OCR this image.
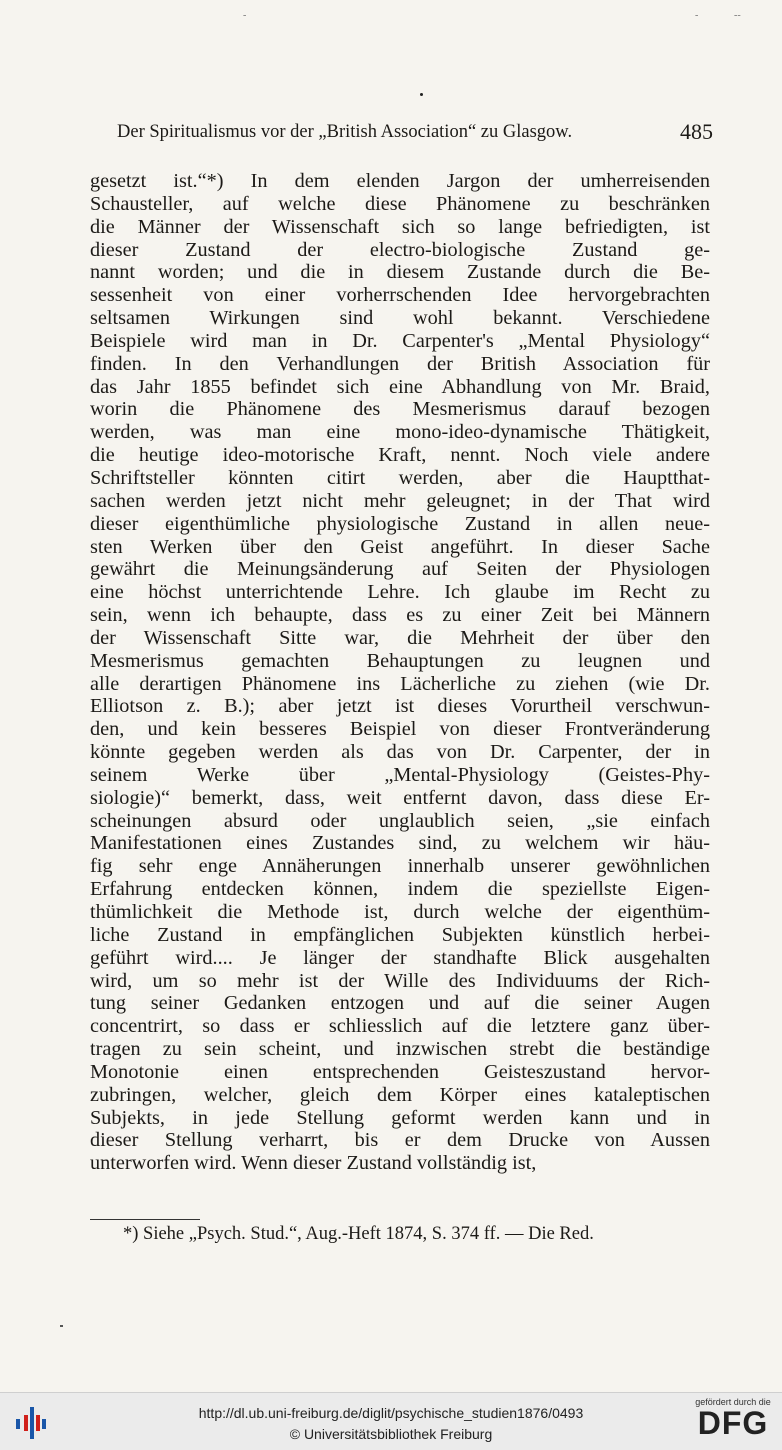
-	-	--
Der Spiritualismus vor der „British Association“ zu Glasgow.	485
gesetzt ist.“*) In dem elenden Jargon der umherreisenden
Schausteller, auf welche diese Phänomene zu beschränken
die Männer der Wissenschaft sich so lange befriedigten, ist
dieser Zustand der electro-biologische Zustand ge-
nannt worden; und die in diesem Zustande durch die Be-
sessenheit von einer vorherrschenden Idee hervorgebrachten
seltsamen Wirkungen sind wohl bekannt. Verschiedene
Beispiele wird man in Dr. Carpenter's „Mental Physiology“
finden. In den Verhandlungen der British Association für
das Jahr 1855 befindet sich eine Abhandlung von Mr. Braid,
worin die Phänomene des Mesmerismus darauf bezogen
werden, was man eine mono-ideo-dynamische Thätigkeit,
die heutige ideo-motorische Kraft, nennt. Noch viele andere
Schriftsteller könnten citirt werden, aber die Hauptthat-
sachen werden jetzt nicht mehr geleugnet; in der That wird
dieser eigenthümliche physiologische Zustand in allen neue-
sten Werken über den Geist angeführt. In dieser Sache
gewährt die Meinungsänderung auf Seiten der Physiologen
eine höchst unterrichtende Lehre. Ich glaube im Recht zu
sein, wenn ich behaupte, dass es zu einer Zeit bei Männern
der Wissenschaft Sitte war, die Mehrheit der über den
Mesmerismus gemachten Behauptungen zu leugnen und
alle derartigen Phänomene ins Lächerliche zu ziehen (wie Dr.
Elliotson z. B.); aber jetzt ist dieses Vorurtheil verschwun-
den, und kein besseres Beispiel von dieser Frontveränderung
könnte gegeben werden als das von Dr. Carpenter, der in
seinem Werke über „Mental-Physiology (Geistes-Phy-
siologie)“ bemerkt, dass, weit entfernt davon, dass diese Er-
scheinungen absurd oder unglaublich seien, „sie einfach
Manifestationen eines Zustandes sind, zu welchem wir häu-
fig sehr enge Annäherungen innerhalb unserer gewöhnlichen
Erfahrung entdecken können, indem die speziellste Eigen-
thümlichkeit die Methode ist, durch welche der eigenthüm-
liche Zustand in empfänglichen Subjekten künstlich herbei-
geführt wird.... Je länger der standhafte Blick ausgehalten
wird, um so mehr ist der Wille des Individuums der Rich-
tung seiner Gedanken entzogen und auf die seiner Augen
concentrirt, so dass er schliesslich auf die letztere ganz über-
tragen zu sein scheint, und inzwischen strebt die beständige
Monotonie einen entsprechenden Geisteszustand hervor-
zubringen, welcher, gleich dem Körper eines kataleptischen
Subjekts, in jede Stellung geformt werden kann und in
dieser Stellung verharrt, bis er dem Drucke von Aussen
unterworfen wird. Wenn dieser Zustand vollständig ist,
*) Siehe „Psych. Stud.“, Aug.-Heft 1874, S. 374 ff. — Die Red.
http://dl.ub.uni-freiburg.de/diglit/psychische_studien1876/0493
© Universitätsbibliothek Freiburg
gefördert durch die
DFG
